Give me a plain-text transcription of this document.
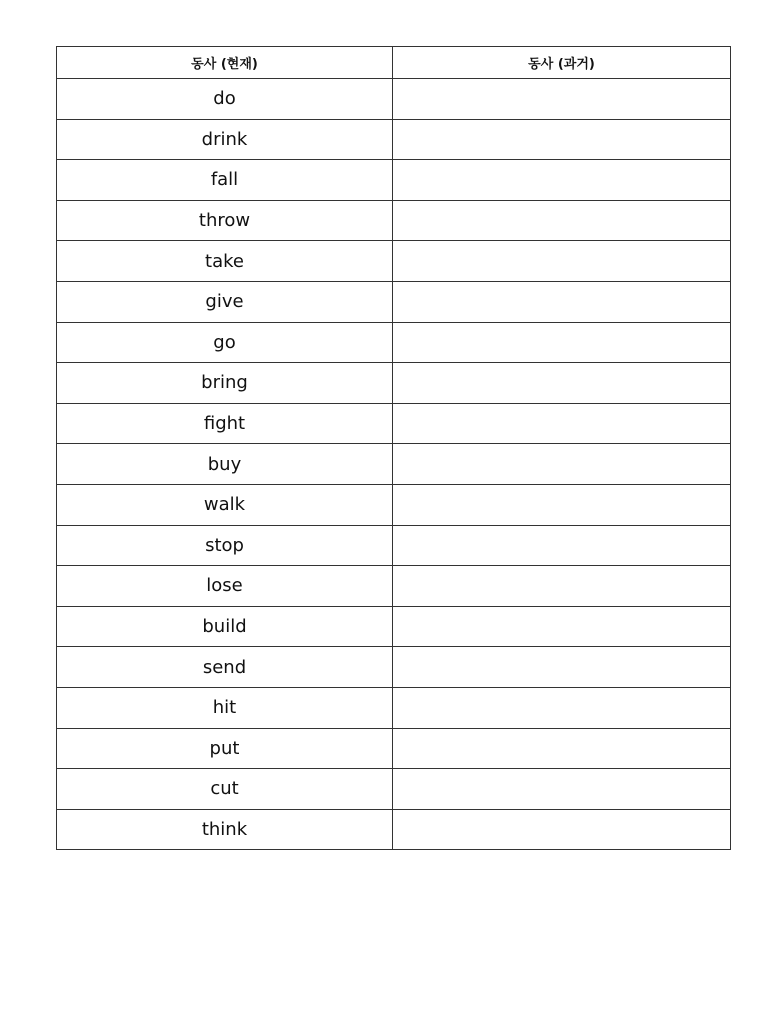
동사 (현재)	동사 (과거)
do	
drink	
fall	
throw	
take	
give	
go	
bring	
fight	
buy	
walk	
stop	
lose	
build	
send	
hit	
put	
cut	
think	
